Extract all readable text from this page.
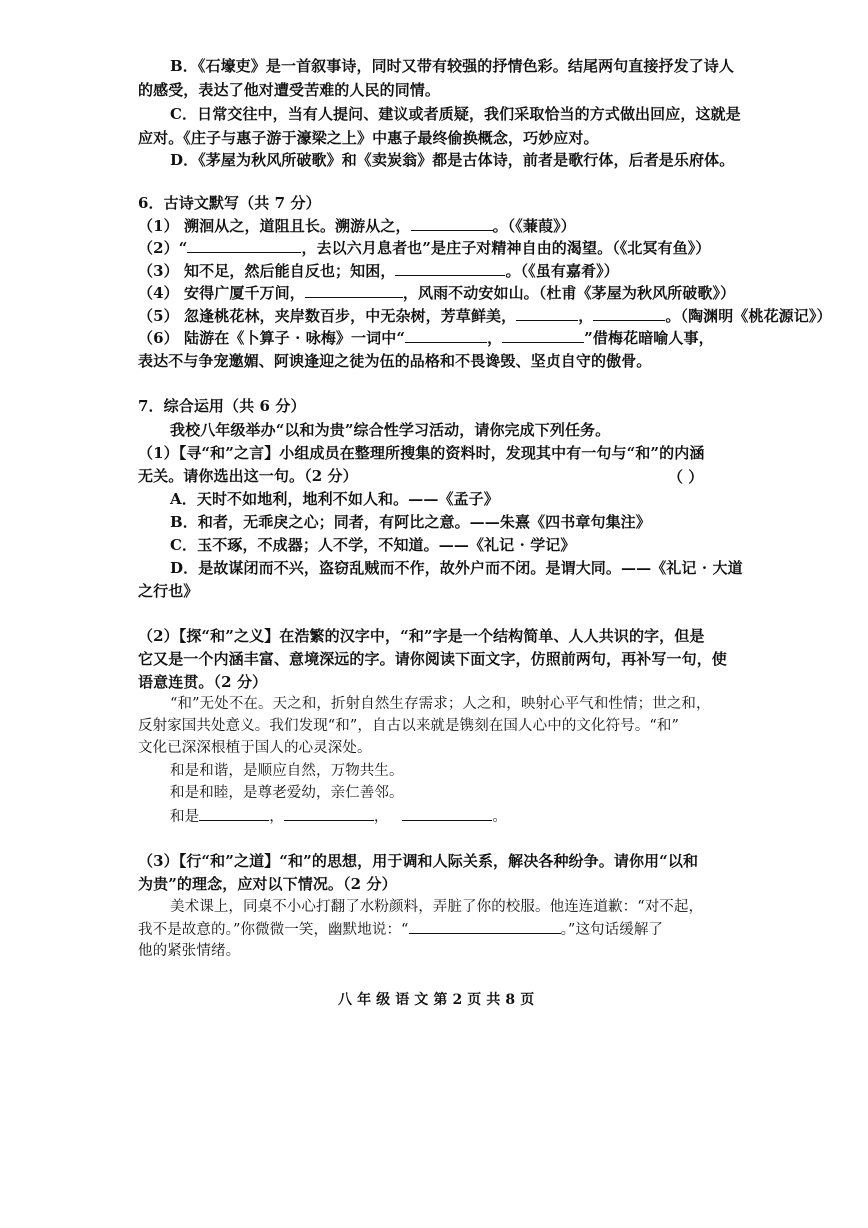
B．《石壕吏》是一首叙事诗，同时又带有较强的抒情色彩。结尾两句直接抒发了诗人
的感受，表达了他对遭受苦难的人民的同情。
C．日常交往中，当有人提问、建议或者质疑，我们采取恰当的方式做出回应，这就是
应对。《庄子与惠子游于濠梁之上》中惠子最终偷换概念，巧妙应对。
D．《茅屋为秋风所破歌》和《卖炭翁》都是古体诗，前者是歌行体，后者是乐府体。
6．古诗文默写（共 7 分）
（1） 溯洄从之，道阻且长。溯游从之，	。（《蒹葭》）
（2）“	，去以六月息者也”是庄子对精神自由的渴望。（《北冥有鱼》）
（3） 知不足，然后能自反也；知困，	。（《虽有嘉肴》）
（4） 安得广厦千万间，	，风雨不动安如山。（杜甫《茅屋为秋风所破歌》）
（5） 忽逢桃花林，夹岸数百步，中无杂树，芳草鲜美，	，	。（陶渊明《桃花源记》）
（6） 陆游在《卜算子 · 咏梅》一词中“	，	”借梅花暗喻人事，
表达不与争宠邀媚、阿谀逢迎之徒为伍的品格和不畏谗毁、坚贞自守的傲骨。
7．综合运用（共 6 分）
我校八年级举办“以和为贵”综合性学习活动，请你完成下列任务。
（1）【寻“和”之言】小组成员在整理所搜集的资料时，发现其中有一句与“和”的内涵
无关。请你选出这一句。（2 分）	（ ）
A．天时不如地利，地利不如人和。——《孟子》
B．和者，无乖戾之心；同者，有阿比之意。——朱熹《四书章句集注》
C．玉不琢，不成器；人不学，不知道。——《礼记 · 学记》
D．是故谋闭而不兴，盗窃乱贼而不作，故外户而不闭。是谓大同。——《礼记 · 大道
之行也》
（2）【探“和”之义】在浩繁的汉字中，“和”字是一个结构简单、人人共识的字，但是
它又是一个内涵丰富、意境深远的字。请你阅读下面文字，仿照前两句，再补写一句，使
语意连贯。（2 分）
“和”无处不在。天之和，折射自然生存需求；人之和，映射心平气和性情；世之和，
反射家国共处意义。我们发现“和”，自古以来就是镌刻在国人心中的文化符号。“和”
文化已深深根植于国人的心灵深处。
和是和谐，是顺应自然，万物共生。
和是和睦，是尊老爱幼，亲仁善邻。
和是	，	，	。
（3）【行“和”之道】“和”的思想，用于调和人际关系，解决各种纷争。请你用“以和
为贵”的理念，应对以下情况。（2 分）
美术课上，同桌不小心打翻了水粉颜料，弄脏了你的校服。他连连道歉：“对不起，
我不是故意的。”你微微一笑，幽默地说：“	。”这句话缓解了
他的紧张情绪。
八 年 级 语 文 第 2 页 共 8 页
